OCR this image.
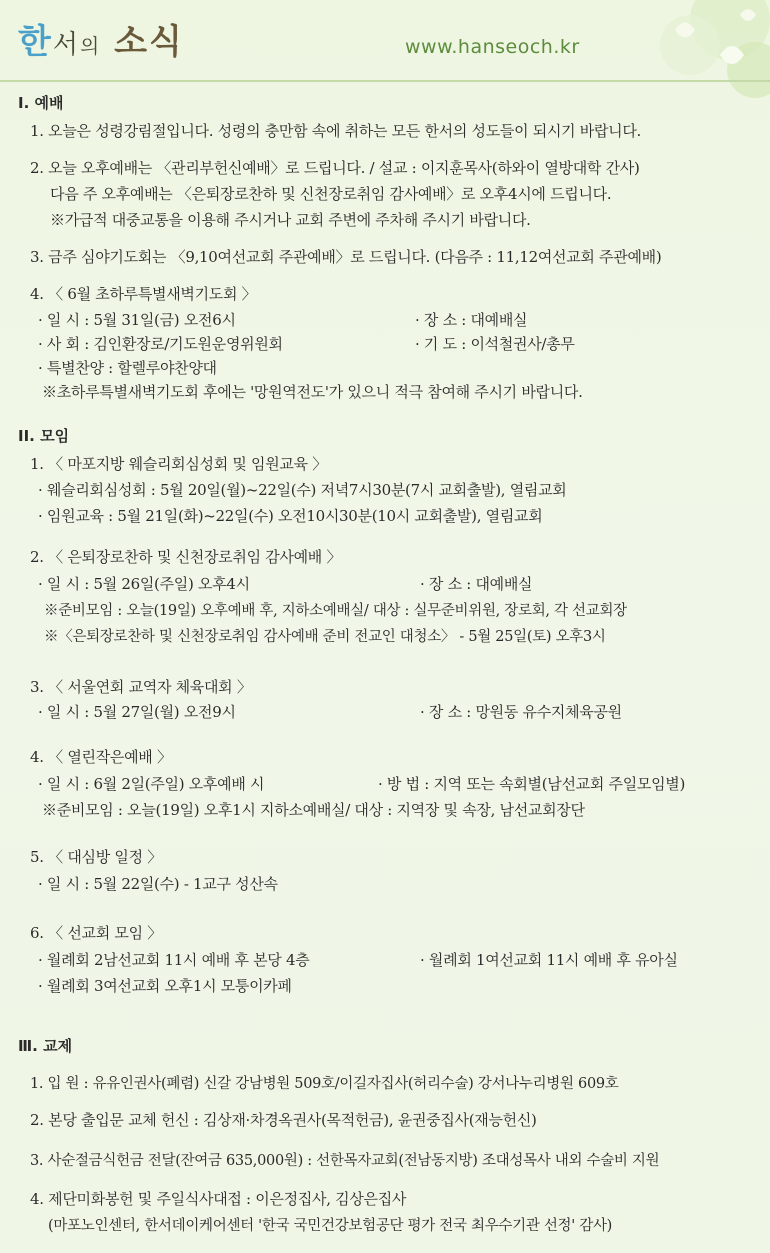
한서의 소식	www.hanseoch.kr
Ⅰ. 예배
1. 오늘은 성령강림절입니다. 성령의 충만함 속에 취하는 모든 한서의 성도들이 되시기 바랍니다.
2. 오늘 오후예배는 〈관리부헌신예배〉로 드립니다. / 설교 : 이지훈목사(하와이 열방대학 간사)
다음 주 오후예배는 〈은퇴장로찬하 및 신천장로취임 감사예배〉로 오후4시에 드립니다.
※가급적 대중교통을 이용해 주시거나 교회 주변에 주차해 주시기 바랍니다.
3. 금주 심야기도회는 〈9,10여선교회 주관예배〉로 드립니다. (다음주 : 11,12여선교회 주관예배)
4. 〈 6월 초하루특별새벽기도회 〉
· 일 시 : 5월 31일(금) 오전6시	· 장 소 : 대예배실
· 사 회 : 김인환장로/기도원운영위원회	· 기 도 : 이석철권사/총무
· 특별찬양 : 할렐루야찬양대
※초하루특별새벽기도회 후에는 '망원역전도'가 있으니 적극 참여해 주시기 바랍니다.
II. 모임
1. 〈 마포지방 웨슬리회심성회 및 임원교육 〉
· 웨슬리회심성회 : 5월 20일(월)~22일(수) 저녁7시30분(7시 교회출발), 열림교회
· 임원교육 : 5월 21일(화)~22일(수) 오전10시30분(10시 교회출발), 열림교회
2. 〈 은퇴장로찬하 및 신천장로취임 감사예배 〉
· 일 시 : 5월 26일(주일) 오후4시	· 장 소 : 대예배실
※준비모임 : 오늘(19일) 오후예배 후, 지하소예배실/ 대상 : 실무준비위원, 장로회, 각 선교회장
※〈은퇴장로찬하 및 신천장로취임 감사예배 준비 전교인 대청소〉 - 5월 25일(토) 오후3시
3. 〈 서울연회 교역자 체육대회 〉
· 일 시 : 5월 27일(월) 오전9시	· 장 소 : 망원동 유수지체육공원
4. 〈 열린작은예배 〉
· 일 시 : 6월 2일(주일) 오후예배 시	· 방 법 : 지역 또는 속회별(남선교회 주일모임별)
※준비모임 : 오늘(19일) 오후1시 지하소예배실/ 대상 : 지역장 및 속장, 남선교회장단
5. 〈 대심방 일정 〉
· 일 시 : 5월 22일(수) - 1교구 성산속
6. 〈 선교회 모임 〉
· 월례회 2남선교회 11시 예배 후 본당 4층	· 월례회 1여선교회 11시 예배 후 유아실
· 월례회 3여선교회 오후1시 모퉁이카페
Ⅲ. 교제
1. 입 원 : 유유인권사(폐렴) 신갈 강남병원 509호/이길자집사(허리수술) 강서나누리병원 609호
2. 본당 출입문 교체 헌신 : 김상재·차경옥권사(목적헌금), 윤권중집사(재능헌신)
3. 사순절금식헌금 전달(잔여금 635,000원) : 선한목자교회(전남동지방) 조대성목사 내외 수술비 지원
4. 제단미화봉헌 및 주일식사대접 : 이은정집사, 김상은집사
(마포노인센터, 한서데이케어센터 '한국 국민건강보험공단 평가 전국 최우수기관 선정' 감사)
